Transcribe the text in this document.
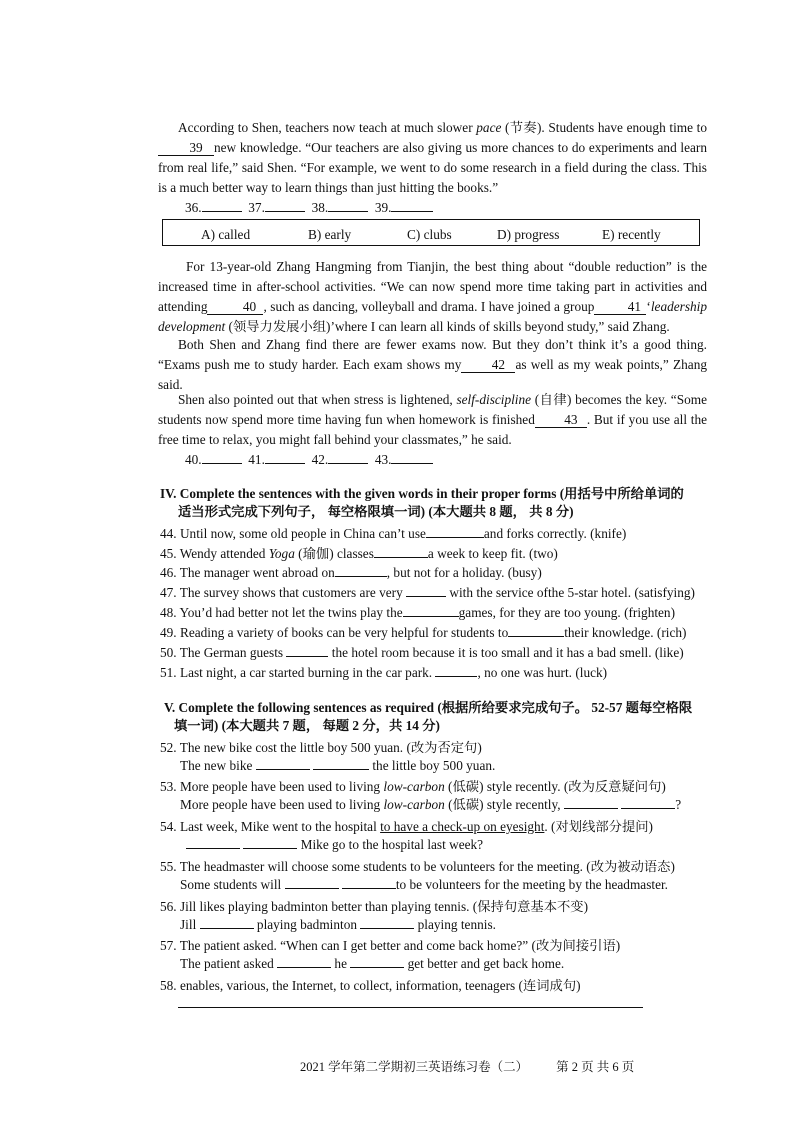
According to Shen, teachers now teach at much slower pace (节奏). Students have enough time to39 new knowledge. “Our teachers are also giving us more chances to do experiments and learn from real life,” said Shen. “For example, we went to do some research in a field during the class. This is a much better way to learn things than just hitting the books.”
36.	37.	38.	39.
A) called	B) early	C) clubs	D) progress	E) recently
For 13-year-old Zhang Hangming from Tianjin, the best thing about “double reduction” is the increased time in after-school activities. “We can now spend more time taking part in activities and attending	40 , such as dancing, volleyball and drama. I have joined a group	41 ‘leadership development (领导力发展小组)’where I can learn all kinds of skills beyond study,” said Zhang.
Both Shen and Zhang find there are fewer exams now. But they don’t think it’s a good thing. “Exams push me to study harder. Each exam shows my 42 as well as my weak points,” Zhang said.
Shen also pointed out that when stress is lightened, self-discipline (自律) becomes the key. “Some students now spend more time having fun when homework is finished 43 . But if you use all the free time to relax, you might fall behind your classmates,” he said.
40.	41.	42.	43.
IV. Complete the sentences with the given words in their proper forms (用括号中所给单词的
适当形式完成下列句子， 每空格限填一词) (本大题共 8 题， 共 8 分)
44. Until now, some old people in China can’t use	and forks correctly. (knife)
45. Wendy attended Yoga (瑜伽) classes	a week to keep fit. (two)
46. The manager went abroad on	, but not for a holiday. (busy)
47. The survey shows that customers are very	with the service ofthe 5-star hotel. (satisfying)
48. You’d had better not let the twins play the	games, for they are too young. (frighten)
49. Reading a variety of books can be very helpful for students to	their knowledge. (rich)
50. The German guests	the hotel room because it is too small and it has a bad smell. (like)
51. Last night, a car started burning in the car park.	, no one was hurt. (luck)
V. Complete the following sentences as required (根据所给要求完成句子。 52-57 题每空格限
填一词) (本大题共 7 题， 每题 2 分，共 14 分)
52. The new bike cost the little boy 500 yuan. (改为否定句)
The new bike	the little boy 500 yuan.
53. More people have been used to living low-carbon (低碳) style recently. (改为反意疑问句)
More people have been used to living low-carbon (低碳) style recently,	?
54. Last week, Mike went to the hospital to have a check-up on eyesight. (对划线部分提问)
Mike go to the hospital last week?
55. The headmaster will choose some students to be volunteers for the meeting. (改为被动语态)
Some students will	to be volunteers for the meeting by the headmaster.
56. Jill likes playing badminton better than playing tennis. (保持句意基本不变)
Jill	playing badminton	playing tennis.
57. The patient asked. “When can I get better and come back home?” (改为间接引语)
The patient asked	he	get better and get back home.
58. enables, various, the Internet, to collect, information, teenagers (连词成句)
2021 学年第二学期初三英语练习卷（二） 第 2 页 共 6 页
